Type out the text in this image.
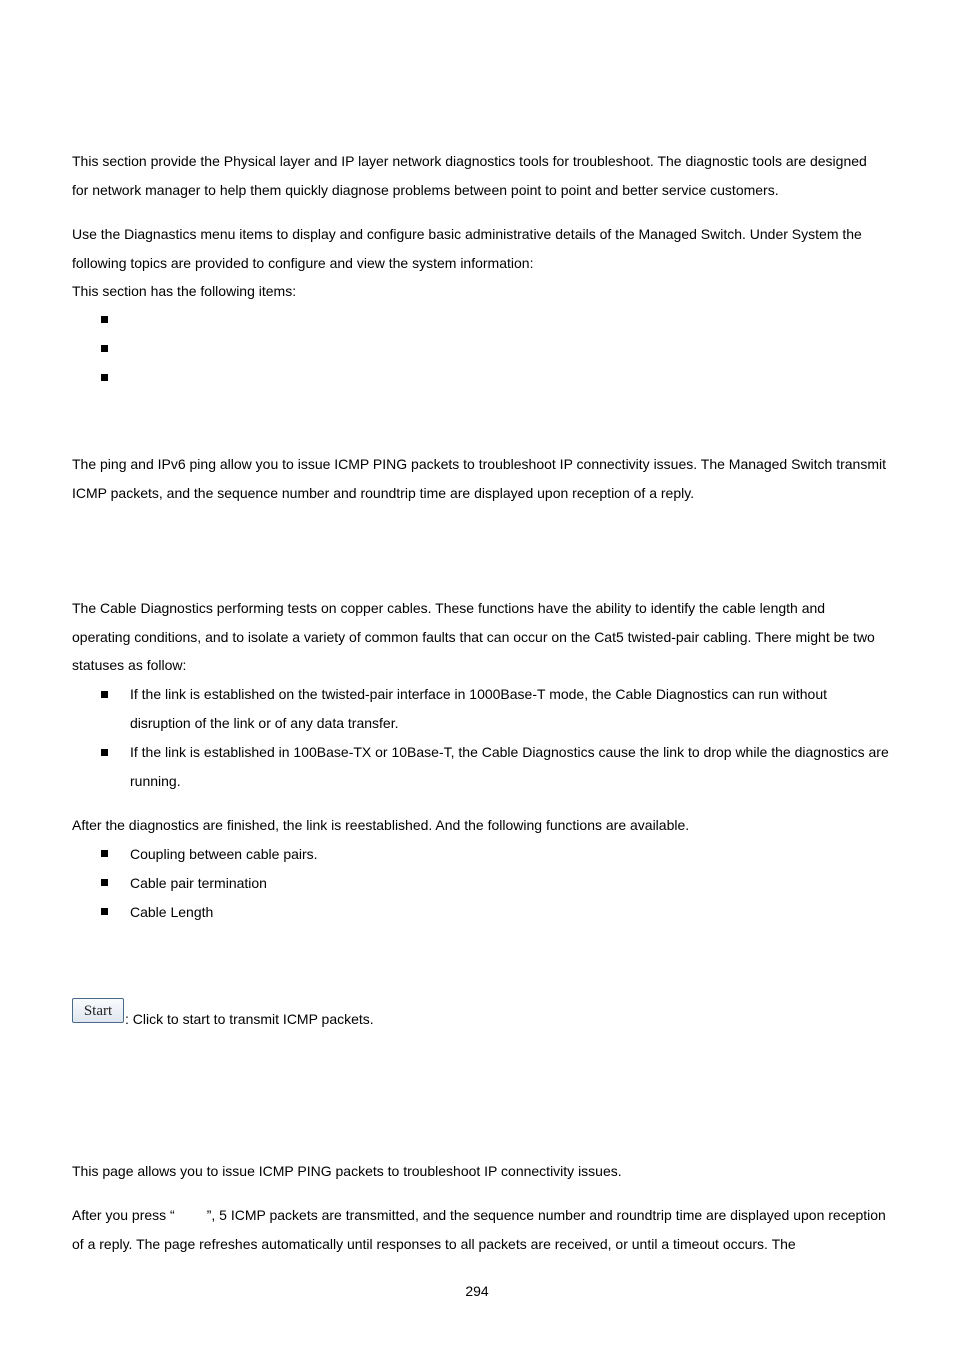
This section provide the Physical layer and IP layer network diagnostics tools for troubleshoot. The diagnostic tools are designed for network manager to help them quickly diagnose problems between point to point and better service customers.

Use the Diagnastics menu items to display and configure basic administrative details of the Managed Switch. Under System the following topics are provided to configure and view the system information:

This section has the following items:

The ping and IPv6 ping allow you to issue ICMP PING packets to troubleshoot IP connectivity issues. The Managed Switch transmit ICMP packets, and the sequence number and roundtrip time are displayed upon reception of a reply.

The Cable Diagnostics performing tests on copper cables. These functions have the ability to identify the cable length and operating conditions, and to isolate a variety of common faults that can occur on the Cat5 twisted-pair cabling. There might be two statuses as follow:

If the link is established on the twisted-pair interface in 1000Base-T mode, the Cable Diagnostics can run without disruption of the link or of any data transfer.

If the link is established in 100Base-TX or 10Base-T, the Cable Diagnostics cause the link to drop while the diagnostics are running.

After the diagnostics are finished, the link is reestablished. And the following functions are available.
Coupling between cable pairs.
Cable pair termination
Cable Length
Start : Click to start to transmit ICMP packets.
This page allows you to issue ICMP PING packets to troubleshoot IP connectivity issues.

After you press “ ”, 5 ICMP packets are transmitted, and the sequence number and roundtrip time are displayed upon reception of a reply. The page refreshes automatically until responses to all packets are received, or until a timeout occurs. The

294
